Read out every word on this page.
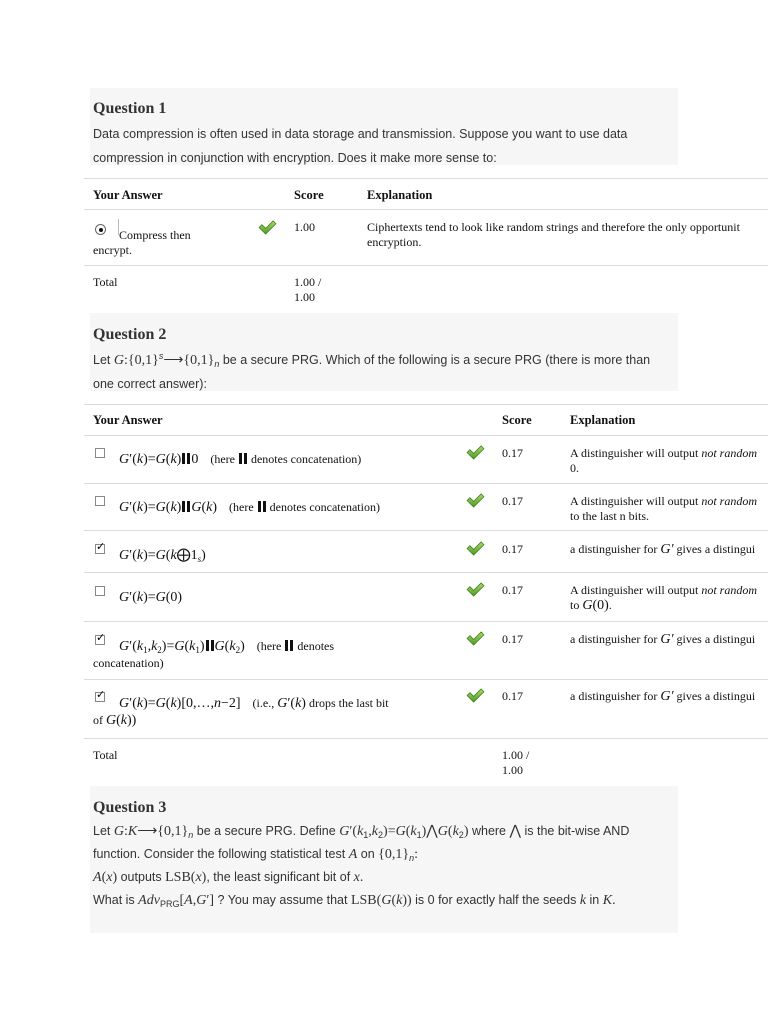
Question 1
Data compression is often used in data storage and transmission. Suppose you want to use data
compression in conjunction with encryption. Does it make more sense to:
Your Answer	Score	Explanation
Compress then
encrypt.
1.00	Ciphertexts tend to look like random strings and therefore the only opportunit
encryption.
Total	1.00 /
1.00
Question 2
Let $G:\{0,1\}^s⟶\{0,1\}_n$ be a secure PRG. Which of the following is a secure PRG (there is more than
one correct answer):
Your Answer	Score	Explanation
G′(k)=G(k) 0 (here denotes concatenation)	0.17	A distinguisher will output not random
0.
G′(k)=G(k) G(k) (here denotes concatenation)	0.17	A distinguisher will output not random
to the last n bits.
✓
$G'(k)=G(k⨁1_s)$	0.17	a distinguisher for G′ gives a distingui
G′(k)=G(0)	0.17	A distinguisher will output not random
to G(0).
✓
$G'(k_1,k_2)=G(k_1)$ $G(k_2)$ (here denotes
concatenation)
0.17	a distinguisher for G′ gives a distingui
✓
G′(k)=G(k)[0,…,n−2] (i.e., G′(k) drops the last bit
of G(k))
0.17	a distinguisher for G′ gives a distingui
Total	1.00 /
1.00
Question 3
Let $G:K⟶\{0,1\}_n$ be a secure PRG. Define $G'(k_1,k_2)=G(k_1)⋀G(k_2)$ where ⋀ is the bit-wise AND
function. Consider the following statistical test A on $\{0,1\}_n$:
A(x) outputs LSB(x), the least significant bit of x.
What is Adv$_{PRG}$[A,G′] ? You may assume that LSB(G(k)) is 0 for exactly half the seeds k in K.
